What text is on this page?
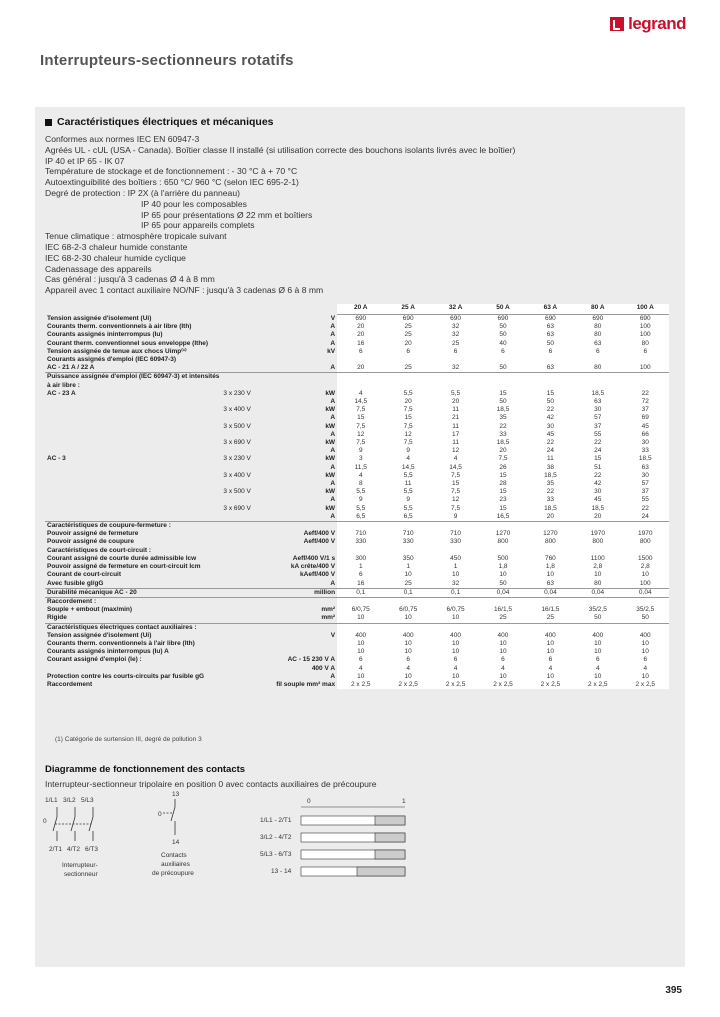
legrand
Interrupteurs-sectionneurs rotatifs
Caractéristiques électriques et mécaniques
Conformes aux normes IEC EN 60947-3
Agréés UL - cUL (USA - Canada). Boîtier classe II installé (si utilisation correcte des bouchons isolants livrés avec le boîtier)
IP 40 et IP 65 - IK 07
Température de stockage et de fonctionnement : - 30 °C à + 70 °C
Autoextinguibilité des boîtiers : 650 °C/ 960 °C (selon IEC 695-2-1)
Degré de protection : IP 2X (à l'arrière du panneau)
IP 40 pour les composables
IP 65 pour présentations Ø 22 mm et boîtiers
IP 65 pour appareils complets
Tenue climatique : atmosphère tropicale suivant
IEC 68-2-3 chaleur humide constante
IEC 68-2-30 chaleur humide cyclique
Cadenassage des appareils
Cas général : jusqu'à 3 cadenas Ø 4 à 8 mm
Appareil avec 1 contact auxiliaire NO/NF : jusqu'à 3 cadenas Ø 6 à 8 mm
			20 A	25 A	32 A	50 A	63 A	80 A	100 A
Tension assignée d'isolement (Ui)		V	690	690	690	690	690	690	690
Courants therm. conventionnels à air libre (Ith)		A	20	25	32	50	63	80	100
Courants assignés ininterrompus (Iu)		A	20	25	32	50	63	80	100
Courant therm. conventionnel sous enveloppe (Ithe)		A	16	20	25	40	50	63	80
Tension assignée de tenue aux chocs Uimp⁽¹⁾		kV	6	6	6	6	6	6	6
Courants assignés d'emploi (IEC 60947-3)									
AC - 21 A / 22 A		A	20	25	32	50	63	80	100
Puissance assignée d'emploi (IEC 60947-3) et intensités									
à air libre :									
AC - 23 A	3 x 230 V	kW	4	5,5	5,5	15	15	18,5	22
		A	14,5	20	20	50	50	63	72
	3 x 400 V	kW	7,5	7,5	11	18,5	22	30	37
		A	15	15	21	35	42	57	69
	3 x 500 V	kW	7,5	7,5	11	22	30	37	45
		A	12	12	17	33	45	55	66
	3 x 690 V	kW	7,5	7,5	11	18,5	22	22	30
		A	9	9	12	20	24	24	33
AC - 3	3 x 230 V	kW	3	4	4	7,5	11	15	18,5
		A	11,5	14,5	14,5	26	38	51	63
	3 x 400 V	kW	4	5,5	7,5	15	18,5	22	30
		A	8	11	15	28	35	42	57
	3 x 500 V	kW	5,5	5,5	7,5	15	22	30	37
		A	9	9	12	23	33	45	55
	3 x 690 V	kW	5,5	5,5	7,5	15	18,5	18,5	22
		A	6,5	6,5	9	16,5	20	20	24
Caractéristiques de coupure-fermeture :									
Pouvoir assigné de fermeture		Aeff/400 V	710	710	710	1270	1270	1970	1970
Pouvoir assigné de coupure		Aeff/400 V	330	330	330	800	800	800	800
Caractéristiques de court-circuit :									
Courant assigné de courte durée admissible Icw		Aeff/400 V/1 s	300	350	450	500	760	1100	1500
Pouvoir assigné de fermeture en court-circuit Icm		kA crête/400 V	1	1	1	1,8	1,8	2,8	2,8
Courant de court-circuit		kAeff/400 V	6	10	10	10	10	10	10
Avec fusible gI/gG		A	16	25	32	50	63	80	100
Durabilité mécanique AC - 20		million	0,1	0,1	0,1	0,04	0,04	0,04	0,04
Raccordement :									
Souple + embout (max/min)		mm²	6/0,75	6/0,75	6/0,75	16/1,5	16/1,5	35/2,5	35/2,5
Rigide		mm²	10	10	10	25	25	50	50
Caractéristiques électriques contact auxiliaires :									
Tension assignée d'isolement (Ui)		V	400	400	400	400	400	400	400
Courants therm. conventionnels à l'air libre (Ith)			10	10	10	10	10	10	10
Courants assignés ininterrompus (Iu) A			10	10	10	10	10	10	10
Courant assigné d'emploi (Ie) :		AC - 15 230 V A	6	6	6	6	6	6	6
		400 V A	4	4	4	4	4	4	4
Protection contre les courts-circuits par fusible gG		A	10	10	10	10	10	10	10
Raccordement		fil souple mm² max	2 x 2,5	2 x 2,5	2 x 2,5	2 x 2,5	2 x 2,5	2 x 2,5	2 x 2,5
(1) Catégorie de surtension III, degré de pollution 3
Diagramme de fonctionnement des contacts
Interrupteur-sectionneur tripolaire en position 0 avec contacts auxiliaires de précoupure
1/L1 3/L2 5/L3
0
2/T1 4/T2 6/T3
Interrupteur-
sectionneur
13
0
14
Contacts
auxiliaires
de précoupure
0	1
1/L1 - 2/T1
3/L2 - 4/T2
5/L3 - 6/T3
13 - 14
395
